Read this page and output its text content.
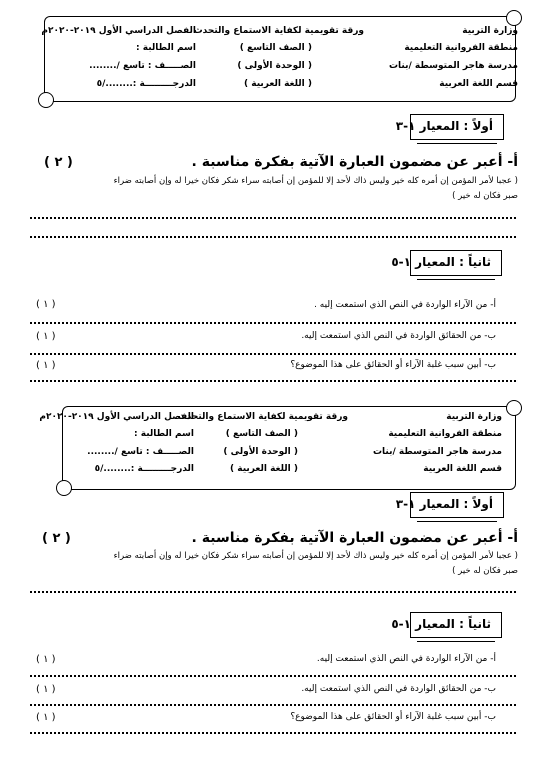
وزارة التربية
ورقة تقويمية لكفاية الاستماع والتحدث
الفصل الدراسي الأول ٢٠١٩-٢٠٢٠م
منطقة الفروانية التعليمية
( الصف التاسع )
اسم الطالبة :
مدرسة هاجر المتوسطة /بنات
( الوحدة الأولى )
الصـــــف : تاسع /........
قسم اللغة العربية
( اللغة العربية )
الدرجـــــــــة :......../٥
أولاً : المعيار ١-٣
أ- أعبر عن مضمون العبارة الآتية بفكرة مناسبة .
( ٢ )
( عجبا لأمر المؤمن إن أمره كله خير وليس ذاك لأحد إلا للمؤمن إن أصابته سراء شكر فكان خيرا له وإن أصابته ضراء
صبر فكان له خير )
ثانياً : المعيار ١-٥
أ- من الآراء الواردة في النص الذي استمعت إليه .
( ١ )
ب- من الحقائق الواردة في النص الذي استمعت إليه.
( ١ )
ب- أبين سبب غلبة الآراء أو الحقائق على هذا الموضوع؟
( ١ )
وزارة التربية
ورقة تقويمية لكفاية الاستماع والتحدث
الفصل الدراسي الأول ٢٠١٩-٢٠٢٠م
منطقة الفروانية التعليمية
( الصف التاسع )
اسم الطالبة :
مدرسة هاجر المتوسطة /بنات
( الوحدة الأولى )
الصـــــف : تاسع /........
قسم اللغة العربية
( اللغة العربية )
الدرجـــــــــة :......../٥
أولاً : المعيار ١-٣
أ- أعبر عن مضمون العبارة الآتية بفكرة مناسبة .
( ٢ )
( عجبا لأمر المؤمن إن أمره كله خير وليس ذاك لأحد إلا للمؤمن إن أصابته سراء شكر فكان خيرا له وإن أصابته ضراء
صبر فكان له خير )
ثانياً : المعيار ١-٥
أ- من الآراء الواردة في النص الذي استمعت إليه.
( ١ )
ب- من الحقائق الواردة في النص الذي استمعت إليه.
( ١ )
ب- أبين سبب غلبة الآراء أو الحقائق على هذا الموضوع؟
( ١ )
